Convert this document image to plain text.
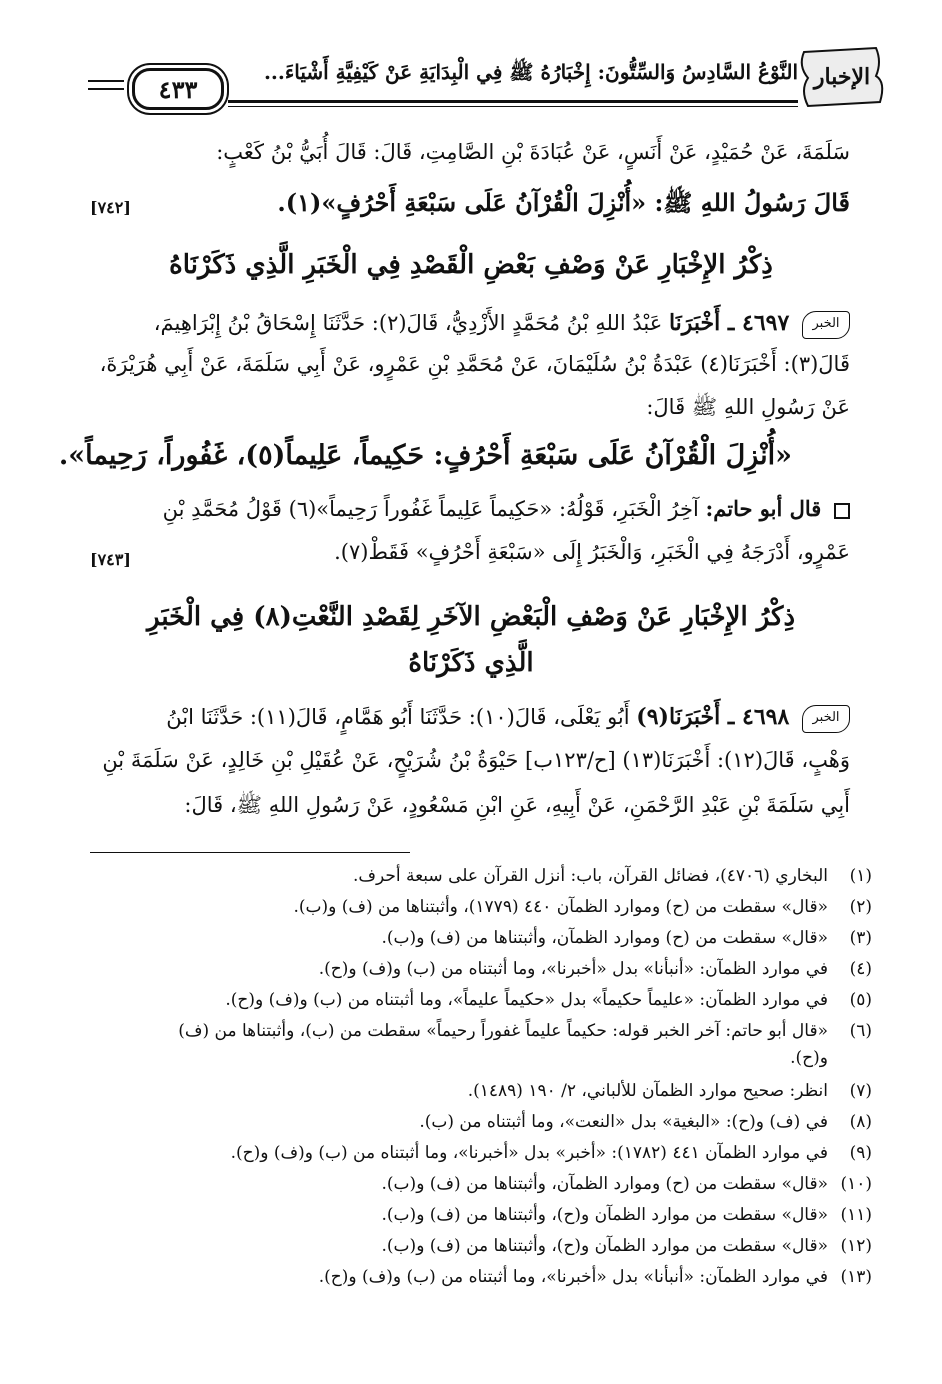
الإخبار
النَّوْعُ السَّادِسُ وَالسِّتُّونَ: إِخْبَارُهُ ﷺ فِي الْبِدَايَةِ عَنْ كَيْفِيَّةِ أَشْيَاءَ...
٤٣٣
سَلَمَةَ، عَنْ حُمَيْدٍ، عَنْ أَنَسٍ، عَنْ عُبَادَةَ بْنِ الصَّامِتِ، قَالَ: قَالَ أُبَيُّ بْنُ كَعْبٍ:
قَالَ رَسُولُ اللهِ ﷺ: «أُنْزِلَ الْقُرْآنُ عَلَى سَبْعَةِ أَحْرُفٍ»(١).
[٧٤٢]
ذِكْرُ الإِخْبَارِ عَنْ وَصْفِ بَعْضِ الْقَصْدِ فِي الْخَبَرِ الَّذِي ذَكَرْنَاهُ
الخبر ٤٦٩٧ ـ أَخْبَرَنَا عَبْدُ اللهِ بْنُ مُحَمَّدٍ الأَزْدِيُّ، قَالَ(٢): حَدَّثَنَا إِسْحَاقُ بْنُ إِبْرَاهِيمَ،
قَالَ(٣): أَخْبَرَنَا(٤) عَبْدَةُ بْنُ سُلَيْمَانَ، عَنْ مُحَمَّدِ بْنِ عَمْرٍو، عَنْ أَبِي سَلَمَةَ، عَنْ أَبِي هُرَيْرَةَ،
عَنْ رَسُولِ اللهِ ﷺ قَالَ:
«أُنْزِلَ الْقُرْآنُ عَلَى سَبْعَةِ أَحْرُفٍ: حَكِيماً، عَلِيماً(٥)، غَفُوراً، رَحِيماً».
قال أبو حاتم: آخِرُ الْخَبَرِ، قَوْلُهُ: «حَكِيماً عَلِيماً غَفُوراً رَحِيماً»(٦) قَوْلُ مُحَمَّدِ بْنِ
عَمْرٍو، أَدْرَجَهُ فِي الْخَبَرِ، وَالْخَبَرُ إِلَى «سَبْعَةِ أَحْرُفٍ» فَقَطْ(٧).
[٧٤٣]
ذِكْرُ الإِخْبَارِ عَنْ وَصْفِ الْبَعْضِ الآخَرِ لِقَصْدِ النَّعْتِ(٨) فِي الْخَبَرِ
الَّذِي ذَكَرْنَاهُ
الخبر ٤٦٩٨ ـ أَخْبَرَنَا(٩) أَبُو يَعْلَى، قَالَ(١٠): حَدَّثَنَا أَبُو هَمَّامٍ، قَالَ(١١): حَدَّثَنَا ابْنُ
وَهْبٍ، قَالَ(١٢): أَخْبَرَنَا(١٣) [ح/١٢٣ب] حَيْوَةُ بْنُ شُرَيْحٍ، عَنْ عُقَيْلِ بْنِ خَالِدٍ، عَنْ سَلَمَةَ بْنِ
أَبِي سَلَمَةَ بْنِ عَبْدِ الرَّحْمَنِ، عَنْ أَبِيهِ، عَنِ ابْنِ مَسْعُودٍ، عَنْ رَسُولِ اللهِ ﷺ، قَالَ:
(١)البخاري (٤٧٠٦)، فضائل القرآن، باب: أنزل القرآن على سبعة أحرف.
(٢)«قال» سقطت من (ح) وموارد الظمآن ٤٤٠ (١٧٧٩)، وأثبتناها من (ف) و(ب).
(٣)«قال» سقطت من (ح) وموارد الظمآن، وأثبتناها من (ف) و(ب).
(٤)في موارد الظمآن: «أنبأنا» بدل «أخبرنا»، وما أثبتناه من (ب) و(ف) و(ح).
(٥)في موارد الظمآن: «عليماً حكيماً» بدل «حكيماً عليماً»، وما أثبتناه من (ب) و(ف) و(ح).
(٦)«قال أبو حاتم: آخر الخبر قوله: حكيماً عليماً غفوراً رحيماً» سقطت من (ب)، وأثبتناها من (ف)
و(ح).
(٧)انظر: صحيح موارد الظمآن للألباني، ٢/ ١٩٠ (١٤٨٩).
(٨)في (ف) و(ح): «البغية» بدل «النعت»، وما أثبتناه من (ب).
(٩)في موارد الظمآن ٤٤١ (١٧٨٢): «أخبر» بدل «أخبرنا»، وما أثبتناه من (ب) و(ف) و(ح).
(١٠)«قال» سقطت من (ح) وموارد الظمآن، وأثبتناها من (ف) و(ب).
(١١)«قال» سقطت من موارد الظمآن و(ح)، وأثبتناها من (ف) و(ب).
(١٢)«قال» سقطت من موارد الظمآن و(ح)، وأثبتناها من (ف) و(ب).
(١٣)في موارد الظمآن: «أنبأنا» بدل «أخبرنا»، وما أثبتناه من (ب) و(ف) و(ح).
